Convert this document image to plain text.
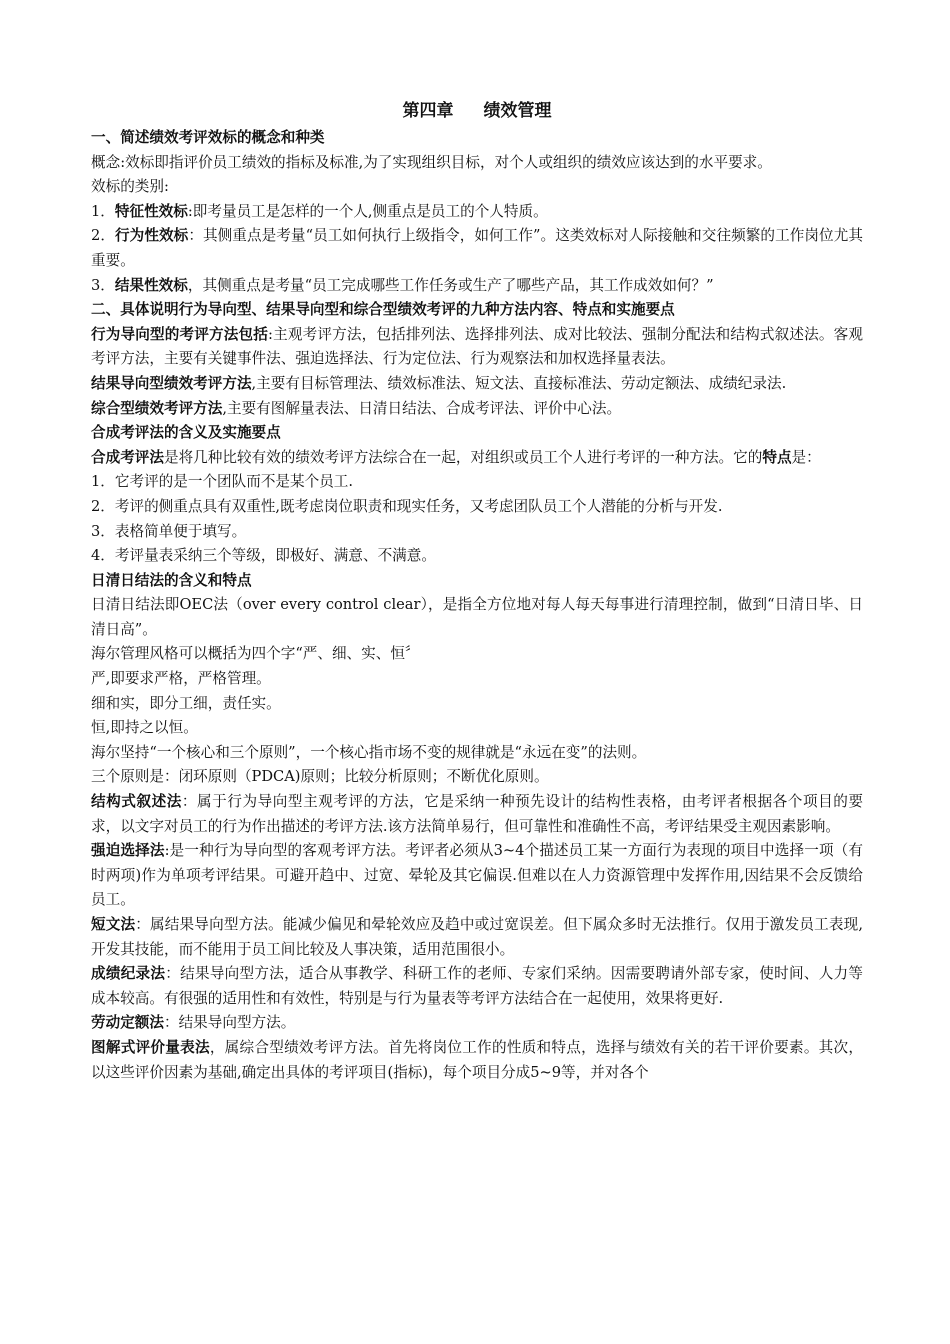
第四章 绩效管理
一、简述绩效考评效标的概念和种类
概念:效标即指评价员工绩效的指标及标准,为了实现组织目标，对个人或组织的绩效应该达到的水平要求。
效标的类别:
1．特征性效标:即考量员工是怎样的一个人,侧重点是员工的个人特质。
2．行为性效标：其侧重点是考量“员工如何执行上级指令，如何工作”。这类效标对人际接触和交往频繁的工作岗位尤其重要。
3．结果性效标，其侧重点是考量“员工完成哪些工作任务或生产了哪些产品，其工作成效如何？”
二、具体说明行为导向型、结果导向型和综合型绩效考评的九种方法内容、特点和实施要点
行为导向型的考评方法包括:主观考评方法，包括排列法、选择排列法、成对比较法、强制分配法和结构式叙述法。客观考评方法，主要有关键事件法、强迫选择法、行为定位法、行为观察法和加权选择量表法。
结果导向型绩效考评方法,主要有目标管理法、绩效标准法、短文法、直接标准法、劳动定额法、成绩纪录法.
综合型绩效考评方法,主要有图解量表法、日清日结法、合成考评法、评价中心法。
合成考评法的含义及实施要点
合成考评法是将几种比较有效的绩效考评方法综合在一起，对组织或员工个人进行考评的一种方法。它的特点是：
1．它考评的是一个团队而不是某个员工.
2．考评的侧重点具有双重性,既考虑岗位职责和现实任务，又考虑团队员工个人潜能的分析与开发.
3．表格简单便于填写。
4．考评量表采纳三个等级，即极好、满意、不满意。
日清日结法的含义和特点
日清日结法即OEC法（over every control clear），是指全方位地对每人每天每事进行清理控制，做到“日清日毕、日清日高”。
海尔管理风格可以概括为四个字“严、细、实、恒〞
严,即要求严格，严格管理。
细和实，即分工细，责任实。
恒,即持之以恒。
海尔坚持“一个核心和三个原则”，一个核心指市场不变的规律就是“永远在变”的法则。
三个原则是：闭环原则（PDCA)原则；比较分析原则；不断优化原则。
结构式叙述法：属于行为导向型主观考评的方法，它是采纳一种预先设计的结构性表格，由考评者根据各个项目的要求，以文字对员工的行为作出描述的考评方法.该方法简单易行，但可靠性和准确性不高，考评结果受主观因素影响。
强迫选择法:是一种行为导向型的客观考评方法。考评者必须从3~4个描述员工某一方面行为表现的项目中选择一项（有时两项)作为单项考评结果。可避开趋中、过宽、晕轮及其它偏误.但难以在人力资源管理中发挥作用,因结果不会反馈给员工。
短文法：属结果导向型方法。能减少偏见和晕轮效应及趋中或过宽误差。但下属众多时无法推行。仅用于激发员工表现,开发其技能，而不能用于员工间比较及人事决策，适用范围很小。
成绩纪录法：结果导向型方法，适合从事教学、科研工作的老师、专家们采纳。因需要聘请外部专家，使时间、人力等成本较高。有很强的适用性和有效性，特别是与行为量表等考评方法结合在一起使用，效果将更好.
劳动定额法：结果导向型方法。
图解式评价量表法，属综合型绩效考评方法。首先将岗位工作的性质和特点，选择与绩效有关的若干评价要素。其次，以这些评价因素为基础,确定出具体的考评项目(指标)，每个项目分成5~9等，并对各个
